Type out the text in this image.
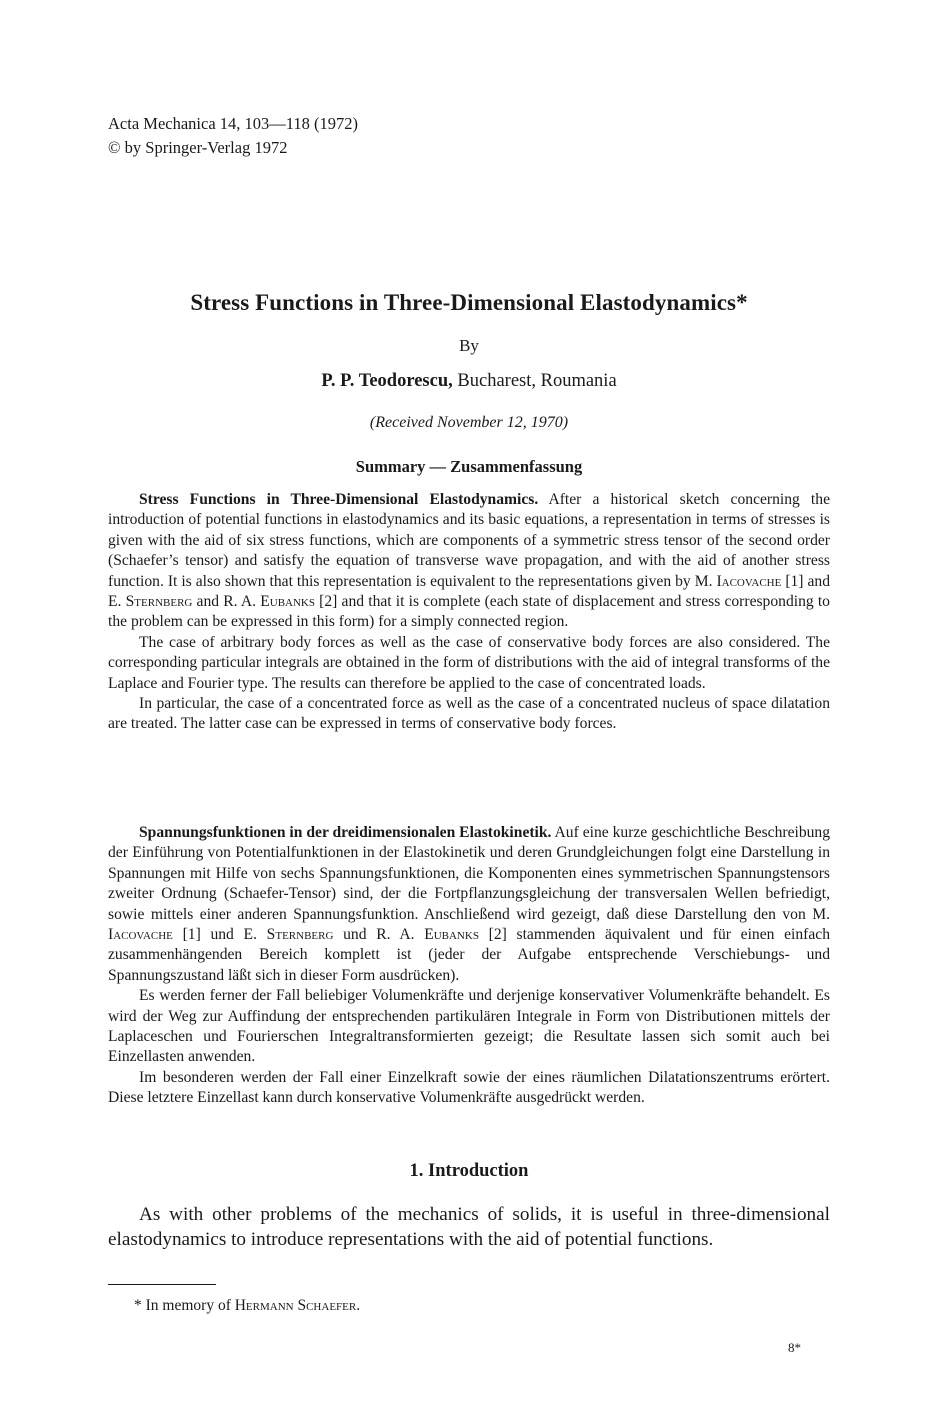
Acta Mechanica 14, 103—118 (1972)
© by Springer-Verlag 1972
Stress Functions in Three-Dimensional Elastodynamics*
By
P. P. Teodorescu, Bucharest, Roumania
(Received November 12, 1970)
Summary — Zusammenfassung

Stress Functions in Three-Dimensional Elastodynamics. After a historical sketch concerning the introduction of potential functions in elastodynamics and its basic equations, a representation in terms of stresses is given with the aid of six stress functions, which are components of a symmetric stress tensor of the second order (Schaefer’s tensor) and satisfy the equation of transverse wave propagation, and with the aid of another stress function. It is also shown that this representation is equivalent to the representations given by M. Iacovache [1] and E. Sternberg and R. A. Eubanks [2] and that it is complete (each state of displacement and stress corresponding to the problem can be expressed in this form) for a simply connected region.

The case of arbitrary body forces as well as the case of conservative body forces are also considered. The corresponding particular integrals are obtained in the form of distributions with the aid of integral transforms of the Laplace and Fourier type. The results can therefore be applied to the case of concentrated loads.

In particular, the case of a concentrated force as well as the case of a concentrated nucleus of space dilatation are treated. The latter case can be expressed in terms of conservative body forces.

Spannungsfunktionen in der dreidimensionalen Elastokinetik. Auf eine kurze geschichtliche Beschreibung der Einführung von Potentialfunktionen in der Elastokinetik und deren Grundgleichungen folgt eine Darstellung in Spannungen mit Hilfe von sechs Spannungsfunktionen, die Komponenten eines symmetrischen Spannungstensors zweiter Ordnung (Schaefer-Tensor) sind, der die Fortpflanzungsgleichung der transversalen Wellen befriedigt, sowie mittels einer anderen Spannungsfunktion. Anschließend wird gezeigt, daß diese Darstellung den von M. Iacovache [1] und E. Sternberg und R. A. Eubanks [2] stammenden äquivalent und für einen einfach zusammenhängenden Bereich komplett ist (jeder der Aufgabe entsprechende Verschiebungs- und Spannungszustand läßt sich in dieser Form ausdrücken).

Es werden ferner der Fall beliebiger Volumenkräfte und derjenige konservativer Volumenkräfte behandelt. Es wird der Weg zur Auffindung der entsprechenden partikulären Integrale in Form von Distributionen mittels der Laplaceschen und Fourierschen Integraltransformierten gezeigt; die Resultate lassen sich somit auch bei Einzellasten anwenden.

Im besonderen werden der Fall einer Einzelkraft sowie der eines räumlichen Dilatationszentrums erörtert. Diese letztere Einzellast kann durch konservative Volumenkräfte ausgedrückt werden.

1. Introduction

As with other problems of the mechanics of solids, it is useful in three-dimensional elastodynamics to introduce representations with the aid of potential functions.

* In memory of Hermann Schaefer.
8*
